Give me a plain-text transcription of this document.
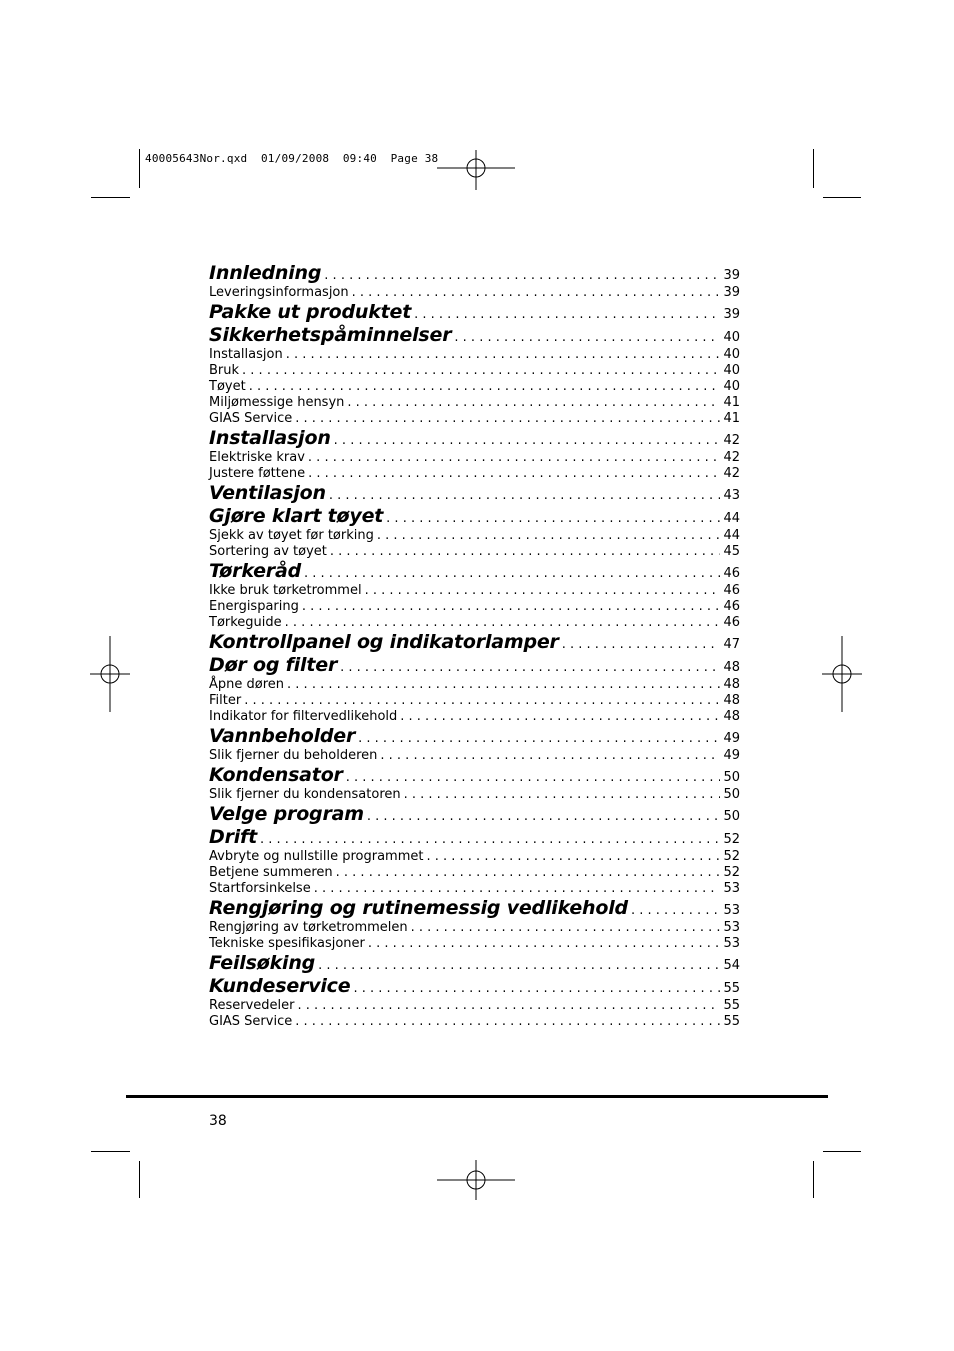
40005643Nor.qxd  01/09/2008  09:40  Page 38
Innledning . . .	39
Leveringsinformasjon . . .	39
Pakke ut produktet . . .	39
Sikkerhetspåminnelser . . .	40
Installasjon . . .	40
Bruk . . .	40
Tøyet . . .	40
Miljømessige hensyn . . .	41
GIAS Service . . .	41
Installasjon . . .	42
Elektriske krav . . .	42
Justere føttene . . .	42
Ventilasjon . . .	43
Gjøre klart tøyet . . .	44
Sjekk av tøyet før tørking . . .	44
Sortering av tøyet . . .	45
Tørkeråd . . .	46
Ikke bruk tørketrommel . . .	46
Energisparing . . .	46
Tørkeguide . . .	46
Kontrollpanel og indikatorlamper . . .	47
Dør og filter . . .	48
Åpne døren . . .	48
Filter . . .	48
Indikator for filtervedlikehold . . .	48
Vannbeholder . . .	49
Slik fjerner du beholderen . . .	49
Kondensator . . .	50
Slik fjerner du kondensatoren . . .	50
Velge program . . .	50
Drift . . .	52
Avbryte og nullstille programmet . . .	52
Betjene summeren . . .	52
Startforsinkelse . . .	53
Rengjøring og rutinemessig vedlikehold . . .	53
Rengjøring av tørketrommelen . . .	53
Tekniske spesifikasjoner . . .	53
Feilsøking . . .	54
Kundeservice . . .	55
Reservedeler . . .	55
GIAS Service . . .	55
38
